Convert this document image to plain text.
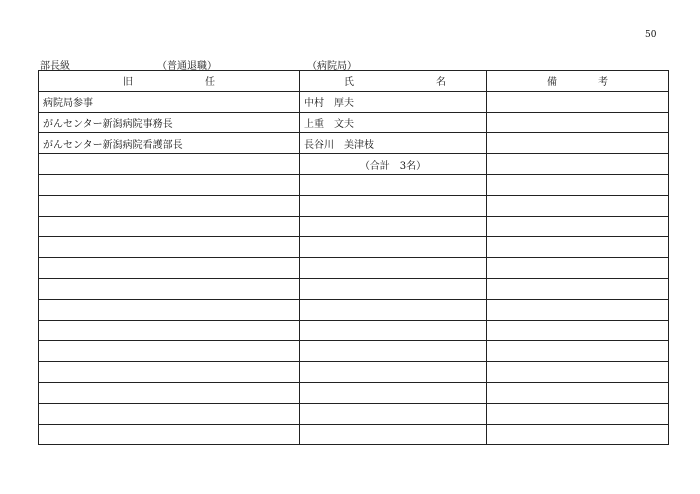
50
部長級	（普通退職）	（病院局）
旧 任	氏 名	備 考

病院局参事	中村　厚夫	
がんセンター新潟病院事務長	上重　文夫	
がんセンター新潟病院看護部長	長谷川　美津枝	
	（合計　3名）	
